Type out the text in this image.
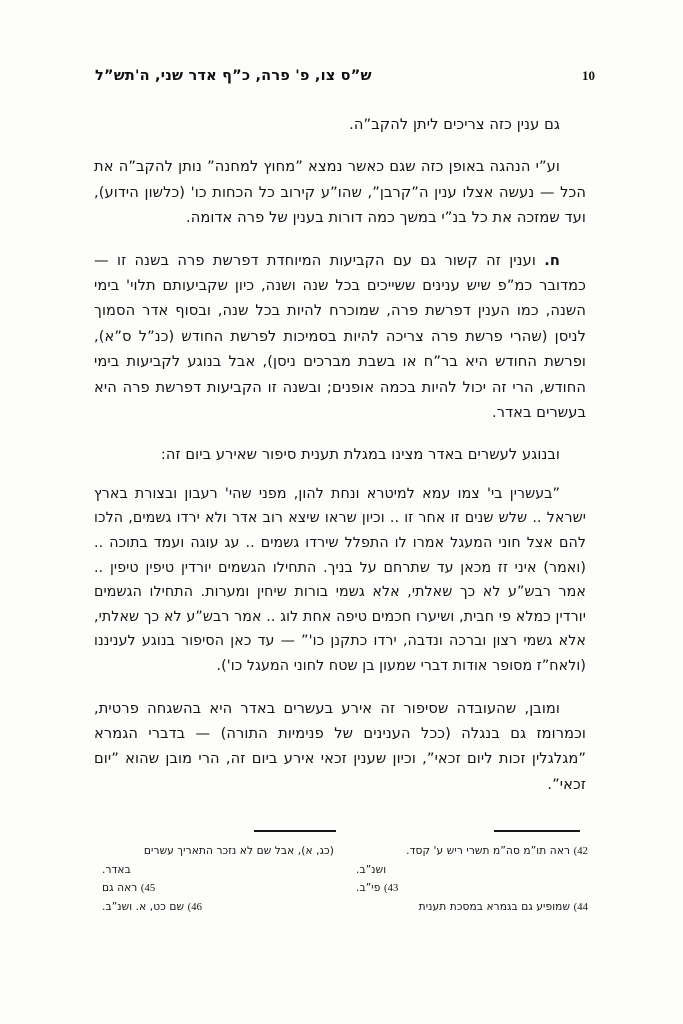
ש”ס צו, פ' פרה, כ”ף אדר שני, ה'תש”ל	10

גם ענין כזה צריכים ליתן להקב”ה.

וע”י הנהגה באופן כזה שגם כאשר נמצא ”מחוץ למחנה” נותן להקב”ה את הכל — נעשה אצלו ענין ה”קרבן”, שהו”ע קירוב כל הכחות כו' (כלשון הידוע), ועד שמזכה את כל בנ”י במשך כמה דורות בענין של פרה אדומה.

ח. וענין זה קשור גם עם הקביעות המיוחדת דפרשת פרה בשנה זו — כמדובר כמ”פ שיש ענינים ששייכים בכל שנה ושנה, כיון שקביעותם תלוי' בימי השנה, כמו הענין דפרשת פרה, שמוכרח להיות בכל שנה, ובסוף אדר הסמוך לניסן (שהרי פרשת פרה צריכה להיות בסמיכות לפרשת החודש (כנ”ל ס”א), ופרשת החודש היא בר”ח או בשבת מברכים ניסן), אבל בנוגע לקביעות בימי החודש, הרי זה יכול להיות בכמה אופנים; ובשנה זו הקביעות דפרשת פרה היא בעשרים באדר.

ובנוגע לעשרים באדר מצינו במגלת תענית סיפור שאירע ביום זה:

”בעשרין בי' צמו עמא למיטרא ונחת להון, מפני שהי' רעבון ובצורת בארץ ישראל .. שלש שנים זו אחר זו .. וכיון שראו שיצא רוב אדר ולא ירדו גשמים, הלכו להם אצל חוני המעגל אמרו לו התפלל שירדו גשמים .. עג עוגה ועמד בתוכה .. (ואמר) איני זז מכאן עד שתרחם על בניך. התחילו הגשמים יורדין טיפין טיפין .. אמר רבש”ע לא כך שאלתי, אלא גשמי בורות שיחין ומערות. התחילו הגשמים יורדין כמלא פי חבית, ושיערו חכמים טיפה אחת לוג .. אמר רבש”ע לא כך שאלתי, אלא גשמי רצון וברכה ונדבה, ירדו כתקנן כו'” — עד כאן הסיפור בנוגע לעניננו (ולאח”ז מסופר אודות דברי שמעון בן שטח לחוני המעגל כו').

ומובן, שהעובדה שסיפור זה אירע בעשרים באדר היא בהשגחה פרטית, וכמרומז גם בנגלה (ככל הענינים של פנימיות התורה) — בדברי הגמרא ”מגלגלין זכות ליום זכאי”, וכיון שענין זכאי אירע ביום זה, הרי מובן שהוא ”יום זכאי”.

42) ראה תו”מ סה”מ תשרי ריש ע' קסד.

ושנ”ב.

43) פי”ב.

44) שמופיע גם בגמרא במסכת תענית

(כג, א), אבל שם לא נזכר התאריך עשרים

באדר.

45) ראה גם

46) שם כט, א. ושנ”ב.
